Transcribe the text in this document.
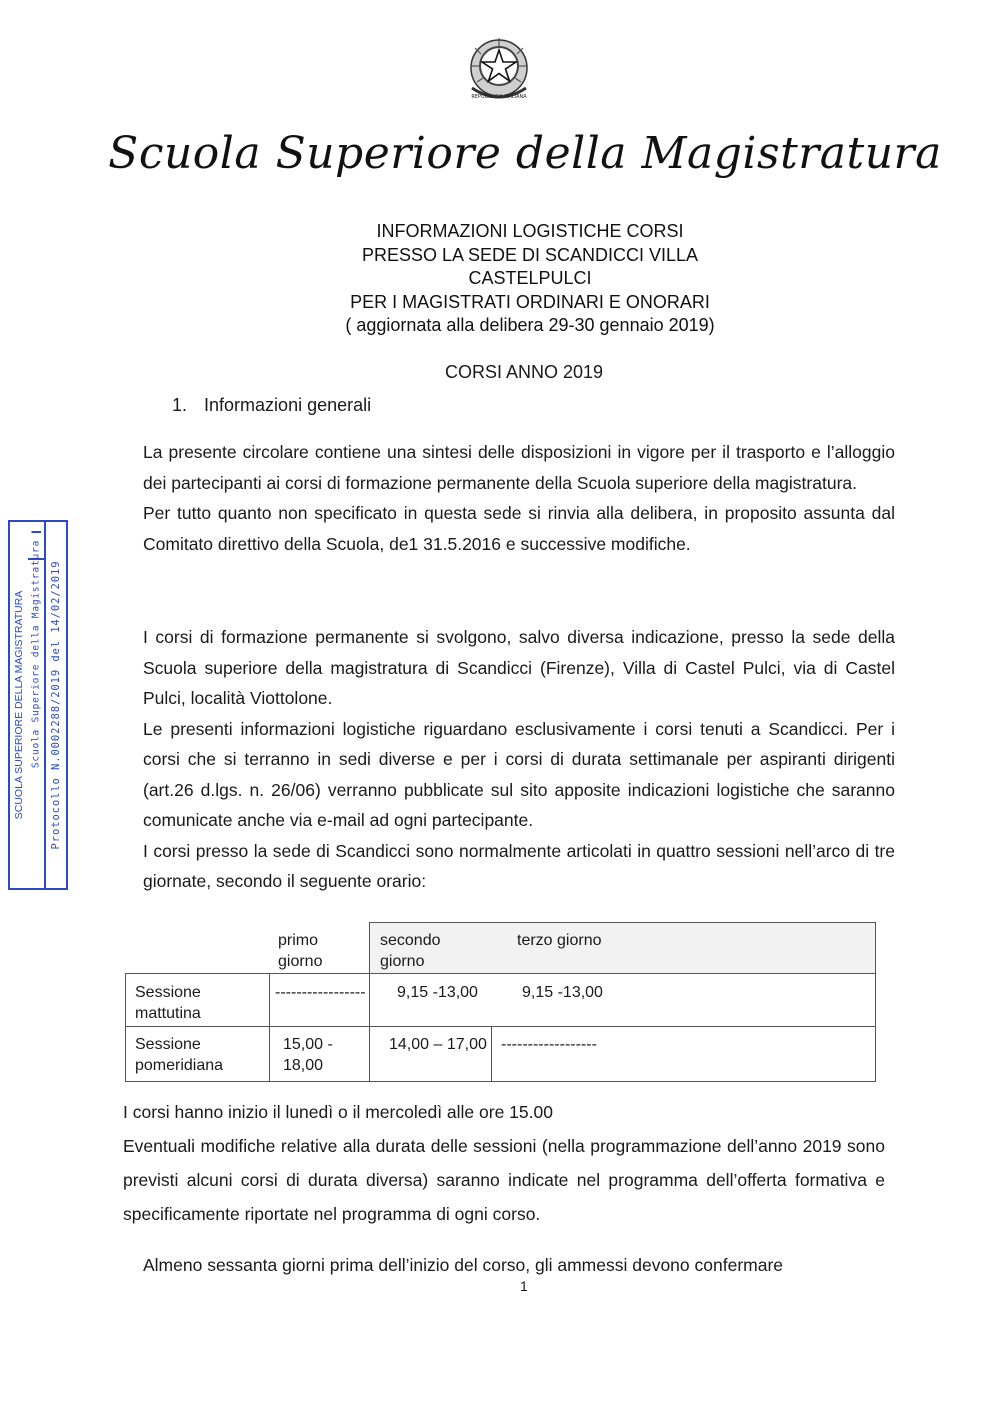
REPUBBLICA ITALIANA
Scuola Superiore della Magistratura
INFORMAZIONI LOGISTICHE CORSI
PRESSO LA SEDE DI SCANDICCI VILLA
CASTELPULCI
PER I MAGISTRATI ORDINARI E ONORARI
( aggiornata alla delibera 29-30 gennaio 2019)
CORSI ANNO 2019
1. Informazioni generali

La presente circolare contiene una sintesi delle disposizioni in vigore per il trasporto e l’alloggio dei partecipanti ai corsi di formazione permanente della Scuola superiore della magistratura.

Per tutto quanto non specificato in questa sede si rinvia alla delibera, in proposito assunta dal Comitato direttivo della Scuola, de1 31.5.2016 e successive modifiche.

I corsi di formazione permanente si svolgono, salvo diversa indicazione, presso la sede della Scuola superiore della magistratura di Scandicci (Firenze), Villa di Castel Pulci, via di Castel Pulci, località Viottolone.

Le presenti informazioni logistiche riguardano esclusivamente i corsi tenuti a Scandicci. Per i corsi che si terranno in sedi diverse e per i corsi di durata settimanale per aspiranti dirigenti (art.26 d.lgs. n. 26/06) verranno pubblicate sul sito apposite indicazioni logistiche che saranno comunicate anche via e-mail ad ogni partecipante.

I corsi presso la sede di Scandicci sono normalmente articolati in quattro sessioni nell’arco di tre giornate, secondo il seguente orario:

primo giorno
secondo giorno
terzo giorno
Sessione mattutina
----------------- 9,15 -13,00	9,15 -13,00
Sessione pomeridiana
15,00 - 18,00
14,00 – 17,00 ------------------

I corsi hanno inizio il lunedì o il mercoledì alle ore 15.00

Eventuali modifiche relative alla durata delle sessioni (nella programmazione dell’anno 2019 sono previsti alcuni corsi di durata diversa) saranno indicate nel programma dell’offerta formativa e specificamente riportate nel programma di ogni corso.

Almeno sessanta giorni prima dell’inizio del corso, gli ammessi devono confermare

1
SCUOLA SUPERIORE DELLA MAGISTRATURA Scuola Superiore della Magistratura
I
Protocollo N.0002288/2019 del 14/02/2019
